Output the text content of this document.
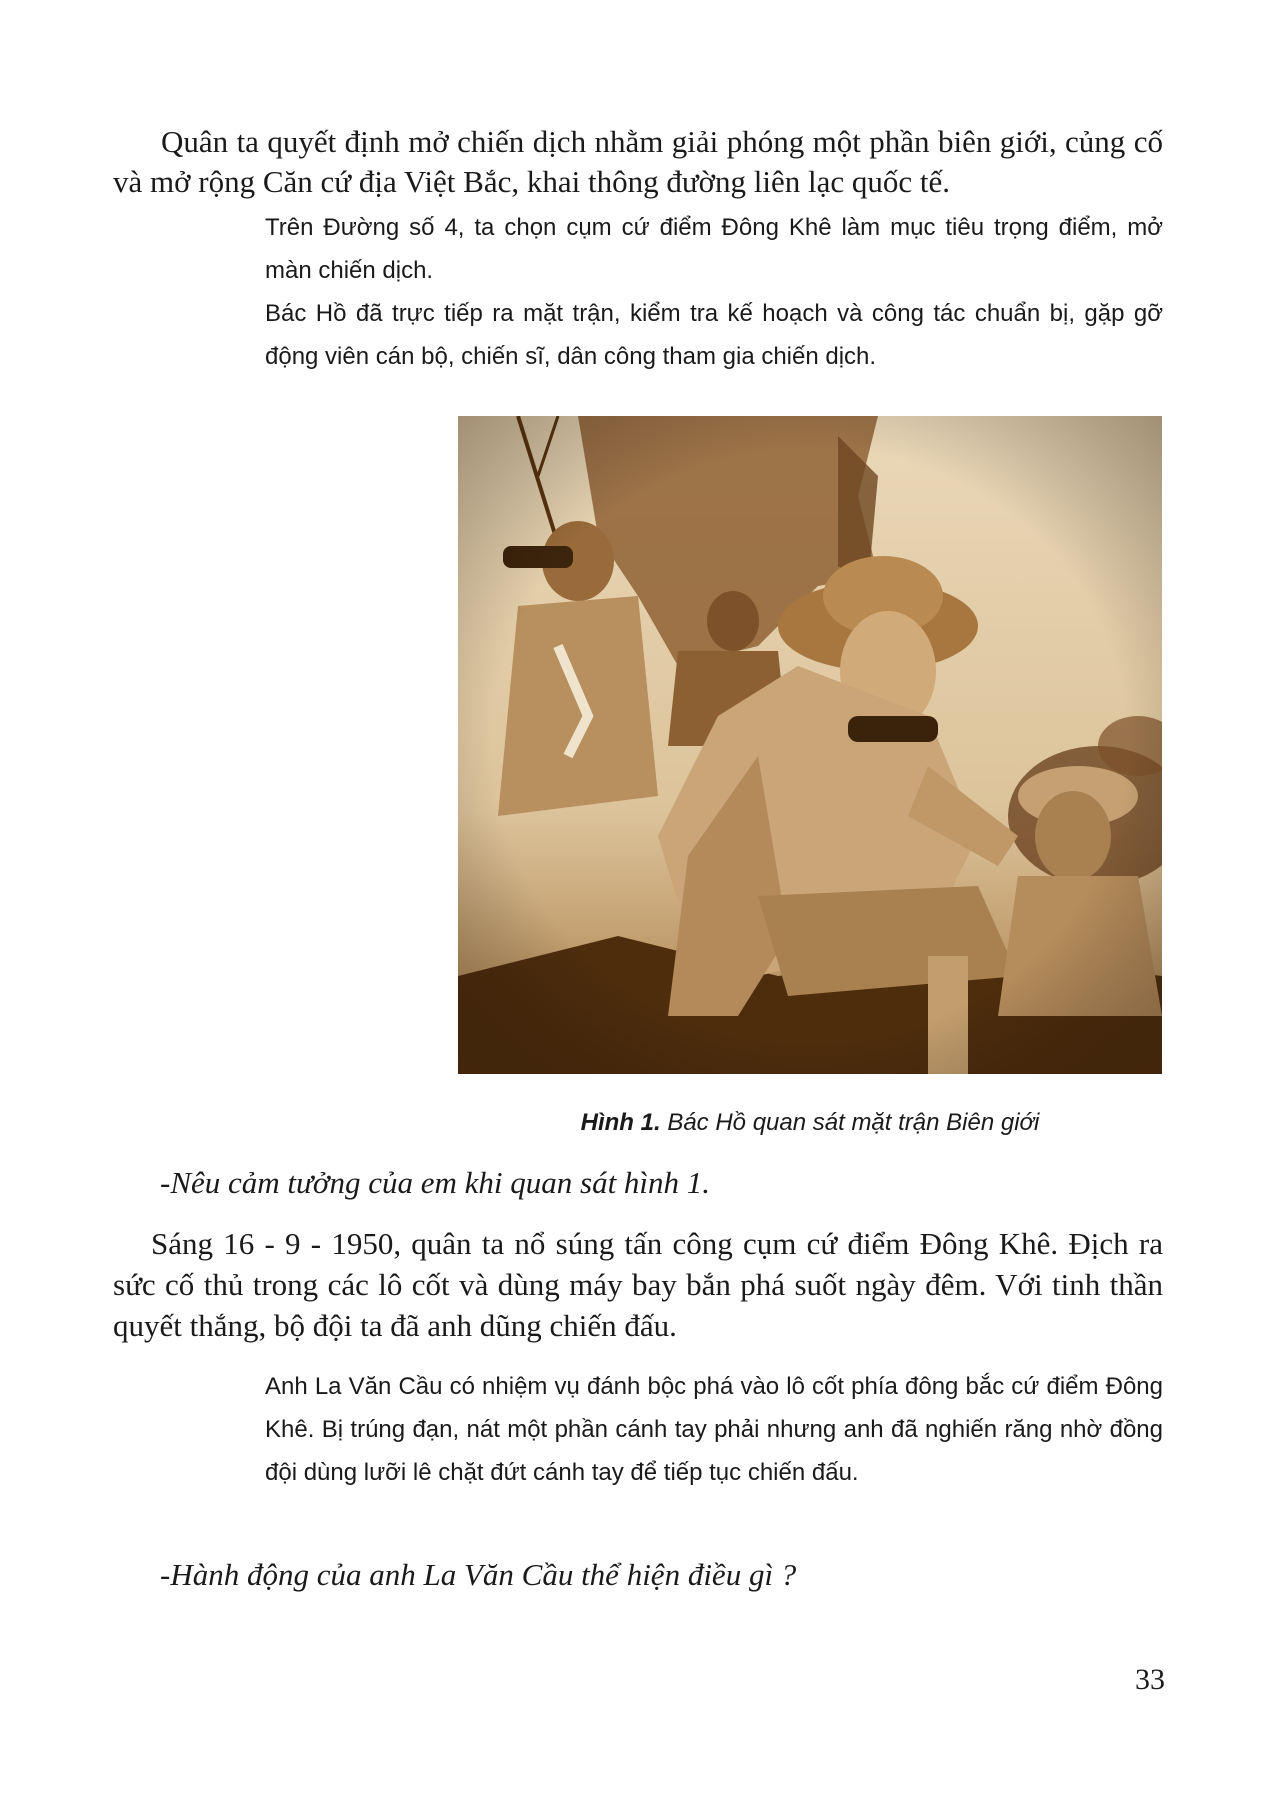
Quân ta quyết định mở chiến dịch nhằm giải phóng một phần biên giới, củng cố và mở rộng Căn cứ địa Việt Bắc, khai thông đường liên lạc quốc tế.

Trên Đường số 4, ta chọn cụm cứ điểm Đông Khê làm mục tiêu trọng điểm, mở màn chiến dịch.

Bác Hồ đã trực tiếp ra mặt trận, kiểm tra kế hoạch và công tác chuẩn bị, gặp gỡ động viên cán bộ, chiến sĩ, dân công tham gia chiến dịch.

Hình 1. Bác Hồ quan sát mặt trận Biên giới

-Nêu cảm tưởng của em khi quan sát hình 1.

Sáng 16 - 9 - 1950, quân ta nổ súng tấn công cụm cứ điểm Đông Khê. Địch ra sức cố thủ trong các lô cốt và dùng máy bay bắn phá suốt ngày đêm. Với tinh thần quyết thắng, bộ đội ta đã anh dũng chiến đấu.

Anh La Văn Cầu có nhiệm vụ đánh bộc phá vào lô cốt phía đông bắc cứ điểm Đông Khê. Bị trúng đạn, nát một phần cánh tay phải nhưng anh đã nghiến răng nhờ đồng đội dùng lưỡi lê chặt đứt cánh tay để tiếp tục chiến đấu.

-Hành động của anh La Văn Cầu thể hiện điều gì ?

33
